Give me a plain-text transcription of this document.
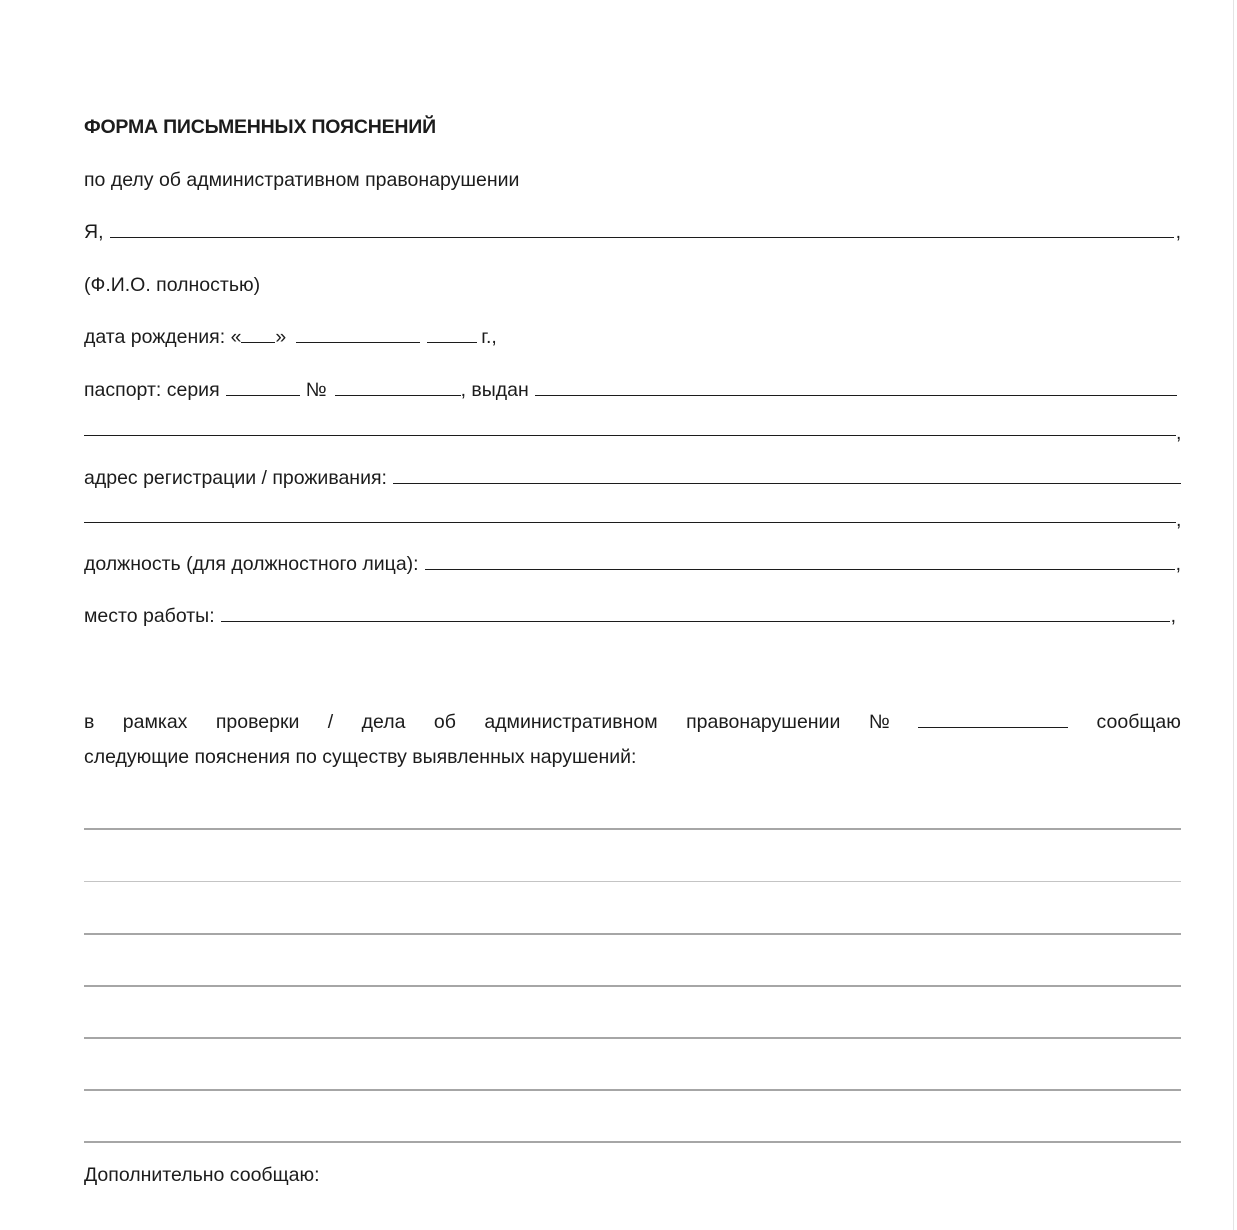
ФОРМА ПИСЬМЕННЫХ ПОЯСНЕНИЙ
по делу об административном правонарушении
Я,	,
(Ф.И.О. полностью)
дата рождения: « »	г.,
паспорт: серия	№	, выдан
,
адрес регистрации / проживания:
,
должность (для должностного лица):	,
место работы:	,
в рамках проверки / дела об административном правонарушении №	сообщаю
следующие пояснения по существу выявленных нарушений:
Дополнительно сообщаю:
